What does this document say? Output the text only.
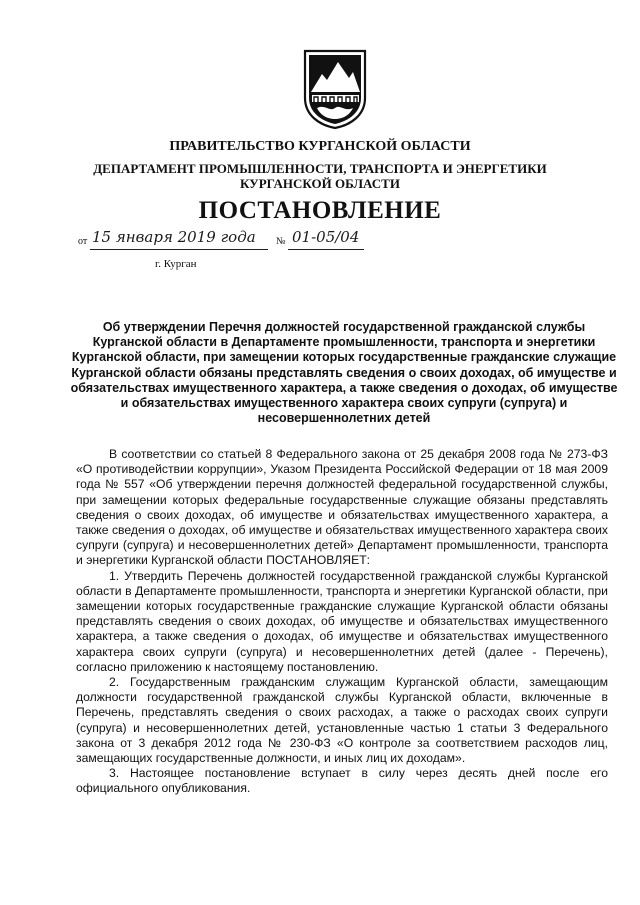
ПРАВИТЕЛЬСТВО КУРГАНСКОЙ ОБЛАСТИ
ДЕПАРТАМЕНТ ПРОМЫШЛЕННОСТИ, ТРАНСПОРТА И ЭНЕРГЕТИКИ
КУРГАНСКОЙ ОБЛАСТИ
ПОСТАНОВЛЕНИЕ
от 15 января 2019 года № 01-05/04
г. Курган
Об утверждении Перечня должностей государственной гражданской службы Курганской области в Департаменте промышленности, транспорта и энергетики Курганской области, при замещении которых государственные гражданские служащие Курганской области обязаны представлять сведения о своих доходах, об имуществе и обязательствах имущественного характера, а также сведения о доходах, об имуществе и обязательствах имущественного характера своих супруги (супруга) и несовершеннолетних детей

В соответствии со статьей 8 Федерального закона от 25 декабря 2008 года № 273-ФЗ «О противодействии коррупции», Указом Президента Российской Федерации от 18 мая 2009 года № 557 «Об утверждении перечня должностей федеральной государственной службы, при замещении которых федеральные государственные служащие обязаны представлять сведения о своих доходах, об имуществе и обязательствах имущественного характера, а также сведения о доходах, об имуществе и обязательствах имущественного характера своих супруги (супруга) и несовершеннолетних детей» Департамент промышленности, транспорта и энергетики Курганской области ПОСТАНОВЛЯЕТ:

1. Утвердить Перечень должностей государственной гражданской службы Курганской области в Департаменте промышленности, транспорта и энергетики Курганской области, при замещении которых государственные гражданские служащие Курганской области обязаны представлять сведения о своих доходах, об имуществе и обязательствах имущественного характера, а также сведения о доходах, об имуществе и обязательствах имущественного характера своих супруги (супруга) и несовершеннолетних детей (далее - Перечень), согласно приложению к настоящему постановлению.

2. Государственным гражданским служащим Курганской области, замещающим должности государственной гражданской службы Курганской области, включенные в Перечень, представлять сведения о своих расходах, а также о расходах своих супруги (супруга) и несовершеннолетних детей, установленные частью 1 статьи 3 Федерального закона от 3 декабря 2012 года № 230-ФЗ «О контроле за соответствием расходов лиц, замещающих государственные должности, и иных лиц их доходам».

3. Настоящее постановление вступает в силу через десять дней после его официального опубликования.
